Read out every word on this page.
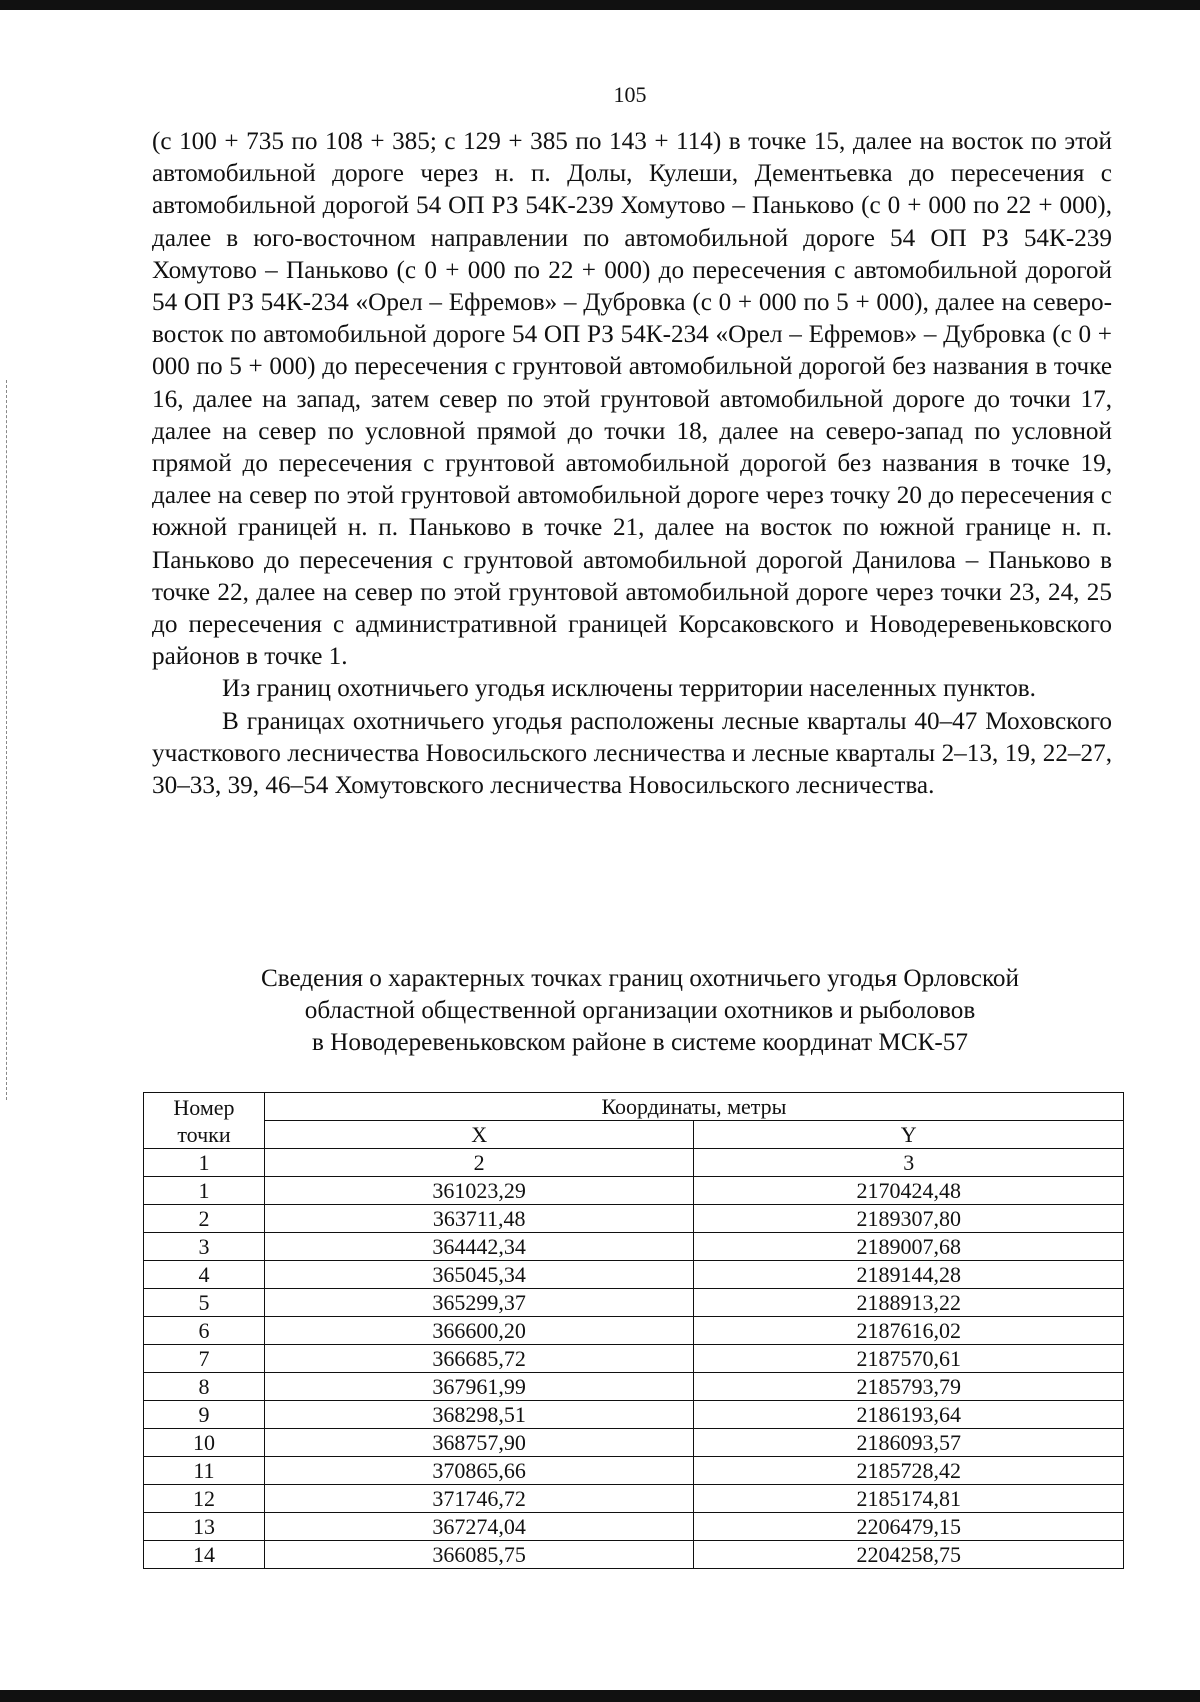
105

(с 100 + 735 по 108 + 385; с 129 + 385 по 143 + 114) в точке 15, далее на восток по этой автомобильной дороге через н. п. Долы, Кулеши, Дементьевка до пересечения с автомобильной дорогой 54 ОП РЗ 54К-239 Хомутово – Паньково (с 0 + 000 по 22 + 000), далее в юго-восточном направлении по автомобильной дороге 54 ОП РЗ 54К-239 Хомутово – Паньково (с 0 + 000 по 22 + 000) до пересечения с автомобильной дорогой 54 ОП РЗ 54К-234 «Орел – Ефремов» – Дубровка (с 0 + 000 по 5 + 000), далее на северо-восток по автомобильной дороге 54 ОП РЗ 54К-234 «Орел – Ефремов» – Дубровка (с 0 + 000 по 5 + 000) до пересечения с грунтовой автомобильной дорогой без названия в точке 16, далее на запад, затем север по этой грунтовой автомобильной дороге до точки 17, далее на север по условной прямой до точки 18, далее на северо-запад по условной прямой до пересечения с грунтовой автомобильной дорогой без названия в точке 19, далее на север по этой грунтовой автомобильной дороге через точку 20 до пересечения с южной границей н. п. Паньково в точке 21, далее на восток по южной границе н. п. Паньково до пересечения с грунтовой автомобильной дорогой Данилова – Паньково в точке 22, далее на север по этой грунтовой автомобильной дороге через точки 23, 24, 25 до пересечения с административной границей Корсаковского и Новодеревеньковского районов в точке 1.

Из границ охотничьего угодья исключены территории населенных пунктов.

В границах охотничьего угодья расположены лесные кварталы 40–47 Моховского участкового лесничества Новосильского лесничества и лесные кварталы 2–13, 19, 22–27, 30–33, 39, 46–54 Хомутовского лесничества Новосильского лесничества.

Сведения о характерных точках границ охотничьего угодья Орловской
областной общественной организации охотников и рыболовов
в Новодеревеньковском районе в системе координат МСК-57
Номер точки	Координаты, метры	
	X	Y
1	2	3
1	361023,29	2170424,48
2	363711,48	2189307,80
3	364442,34	2189007,68
4	365045,34	2189144,28
5	365299,37	2188913,22
6	366600,20	2187616,02
7	366685,72	2187570,61
8	367961,99	2185793,79
9	368298,51	2186193,64
10	368757,90	2186093,57
11	370865,66	2185728,42
12	371746,72	2185174,81
13	367274,04	2206479,15
14	366085,75	2204258,75
